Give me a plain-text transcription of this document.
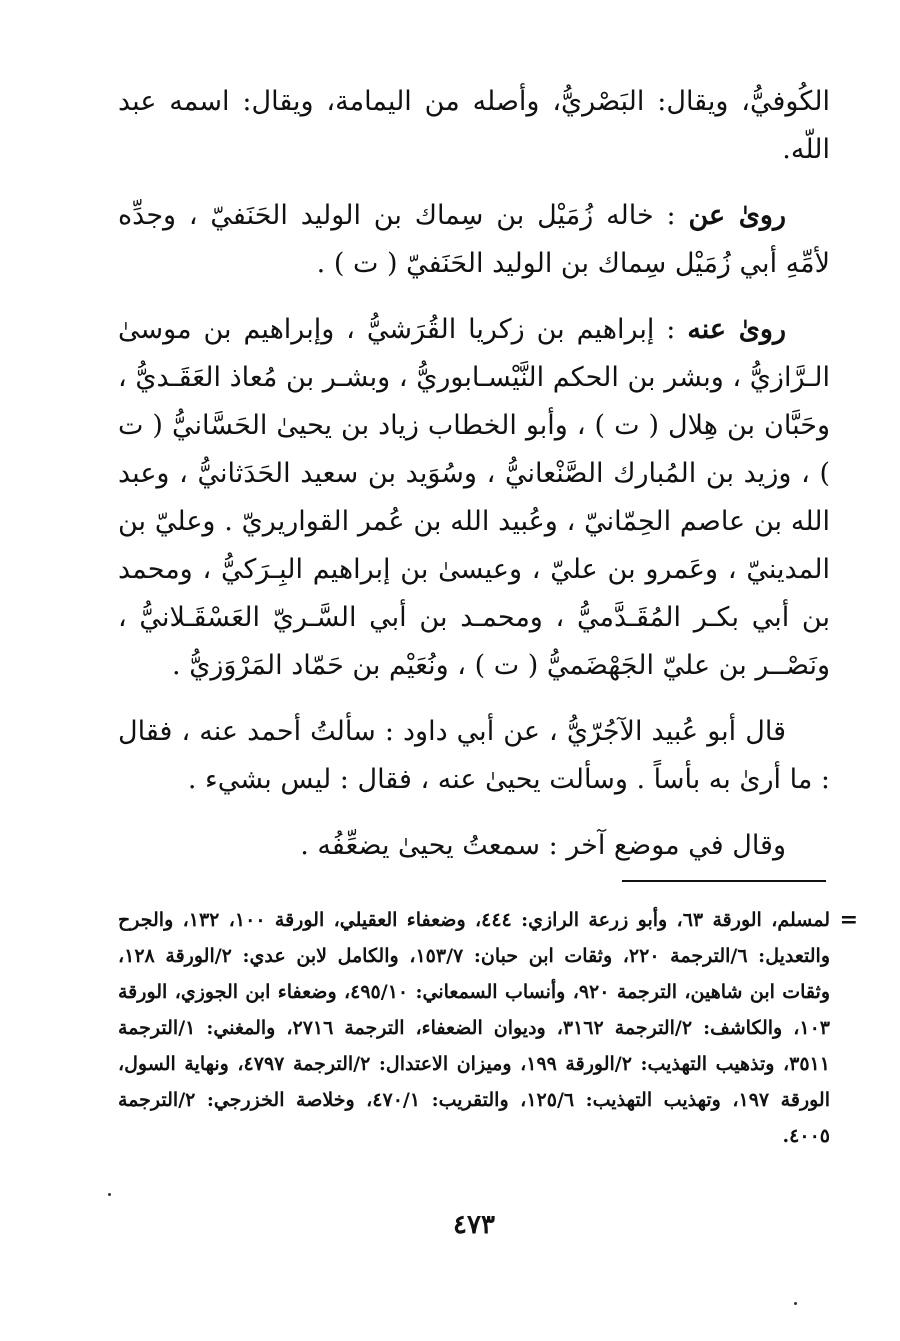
الكُوفيُّ، ويقال: البَصْريُّ، وأصله من اليمامة، ويقال: اسمه عبد اللّه.

روىٰ عن : خاله زُمَيْل بن سِماك بن الوليد الحَنَفيّ ، وجدِّه لأمِّهِ أبي زُمَيْل سِماك بن الوليد الحَنَفيّ ( ت ) .

روىٰ عنه : إبراهيم بن زكريا القُرَشيُّ ، وإبراهيم بن موسىٰ الـرَّازيُّ ، وبشر بن الحكم النَّيْسـابوريُّ ، وبشـر بن مُعاذ العَقَـديُّ ، وحَبَّان بن هِلال ( ت ) ، وأبو الخطاب زياد بن يحيىٰ الحَسَّانيُّ ( ت ) ، وزيد بن المُبارك الصَّنْعانيُّ ، وسُوَيد بن سعيد الحَدَثانيُّ ، وعبد الله بن عاصم الحِمّانيّ ، وعُبيد الله بن عُمر القواريريّ . وعليّ بن المدينيّ ، وعَمرو بن عليّ ، وعيسىٰ بن إبراهيم البِـرَكيُّ ، ومحمد بن أبي بكـر المُقَـدَّميُّ ، ومحمـد بن أبي السَّـريّ العَسْقَـلانيُّ ، ونَصْــر بن عليّ الجَهْضَميُّ ( ت ) ، ونُعَيْم بن حَمّاد المَرْوَزيُّ .

قال أبو عُبيد الآجُرّيُّ ، عن أبي داود : سألتُ أحمد عنه ، فقال : ما أرىٰ به بأساً . وسألت يحيىٰ عنه ، فقال : ليس بشيء .

وقال في موضع آخر : سمعتُ يحيىٰ يضعِّفُه .

=

لمسلم، الورقة ٦٣، وأبو زرعة الرازي: ٤٤٤، وضعفاء العقيلي، الورقة ١٠٠، ١٣٢، والجرح والتعديل: ٦/الترجمة ٢٢٠، وثقات ابن حبان: ١٥٣/٧، والكامل لابن عدي: ٢/الورقة ١٢٨، وثقات ابن شاهين، الترجمة ٩٢٠، وأنساب السمعاني: ٤٩٥/١٠، وضعفاء ابن الجوزي، الورقة ١٠٣، والكاشف: ٢/الترجمة ٣١٦٢، وديوان الضعفاء، الترجمة ٢٧١٦، والمغني: ١/الترجمة ٣٥١١، وتذهيب التهذيب: ٢/الورقة ١٩٩، وميزان الاعتدال: ٢/الترجمة ٤٧٩٧، ونهاية السول، الورقة ١٩٧، وتهذيب التهذيب: ١٢٥/٦، والتقريب: ٤٧٠/١، وخلاصة الخزرجي: ٢/الترجمة ٤٠٠٥.

٤٧٣
